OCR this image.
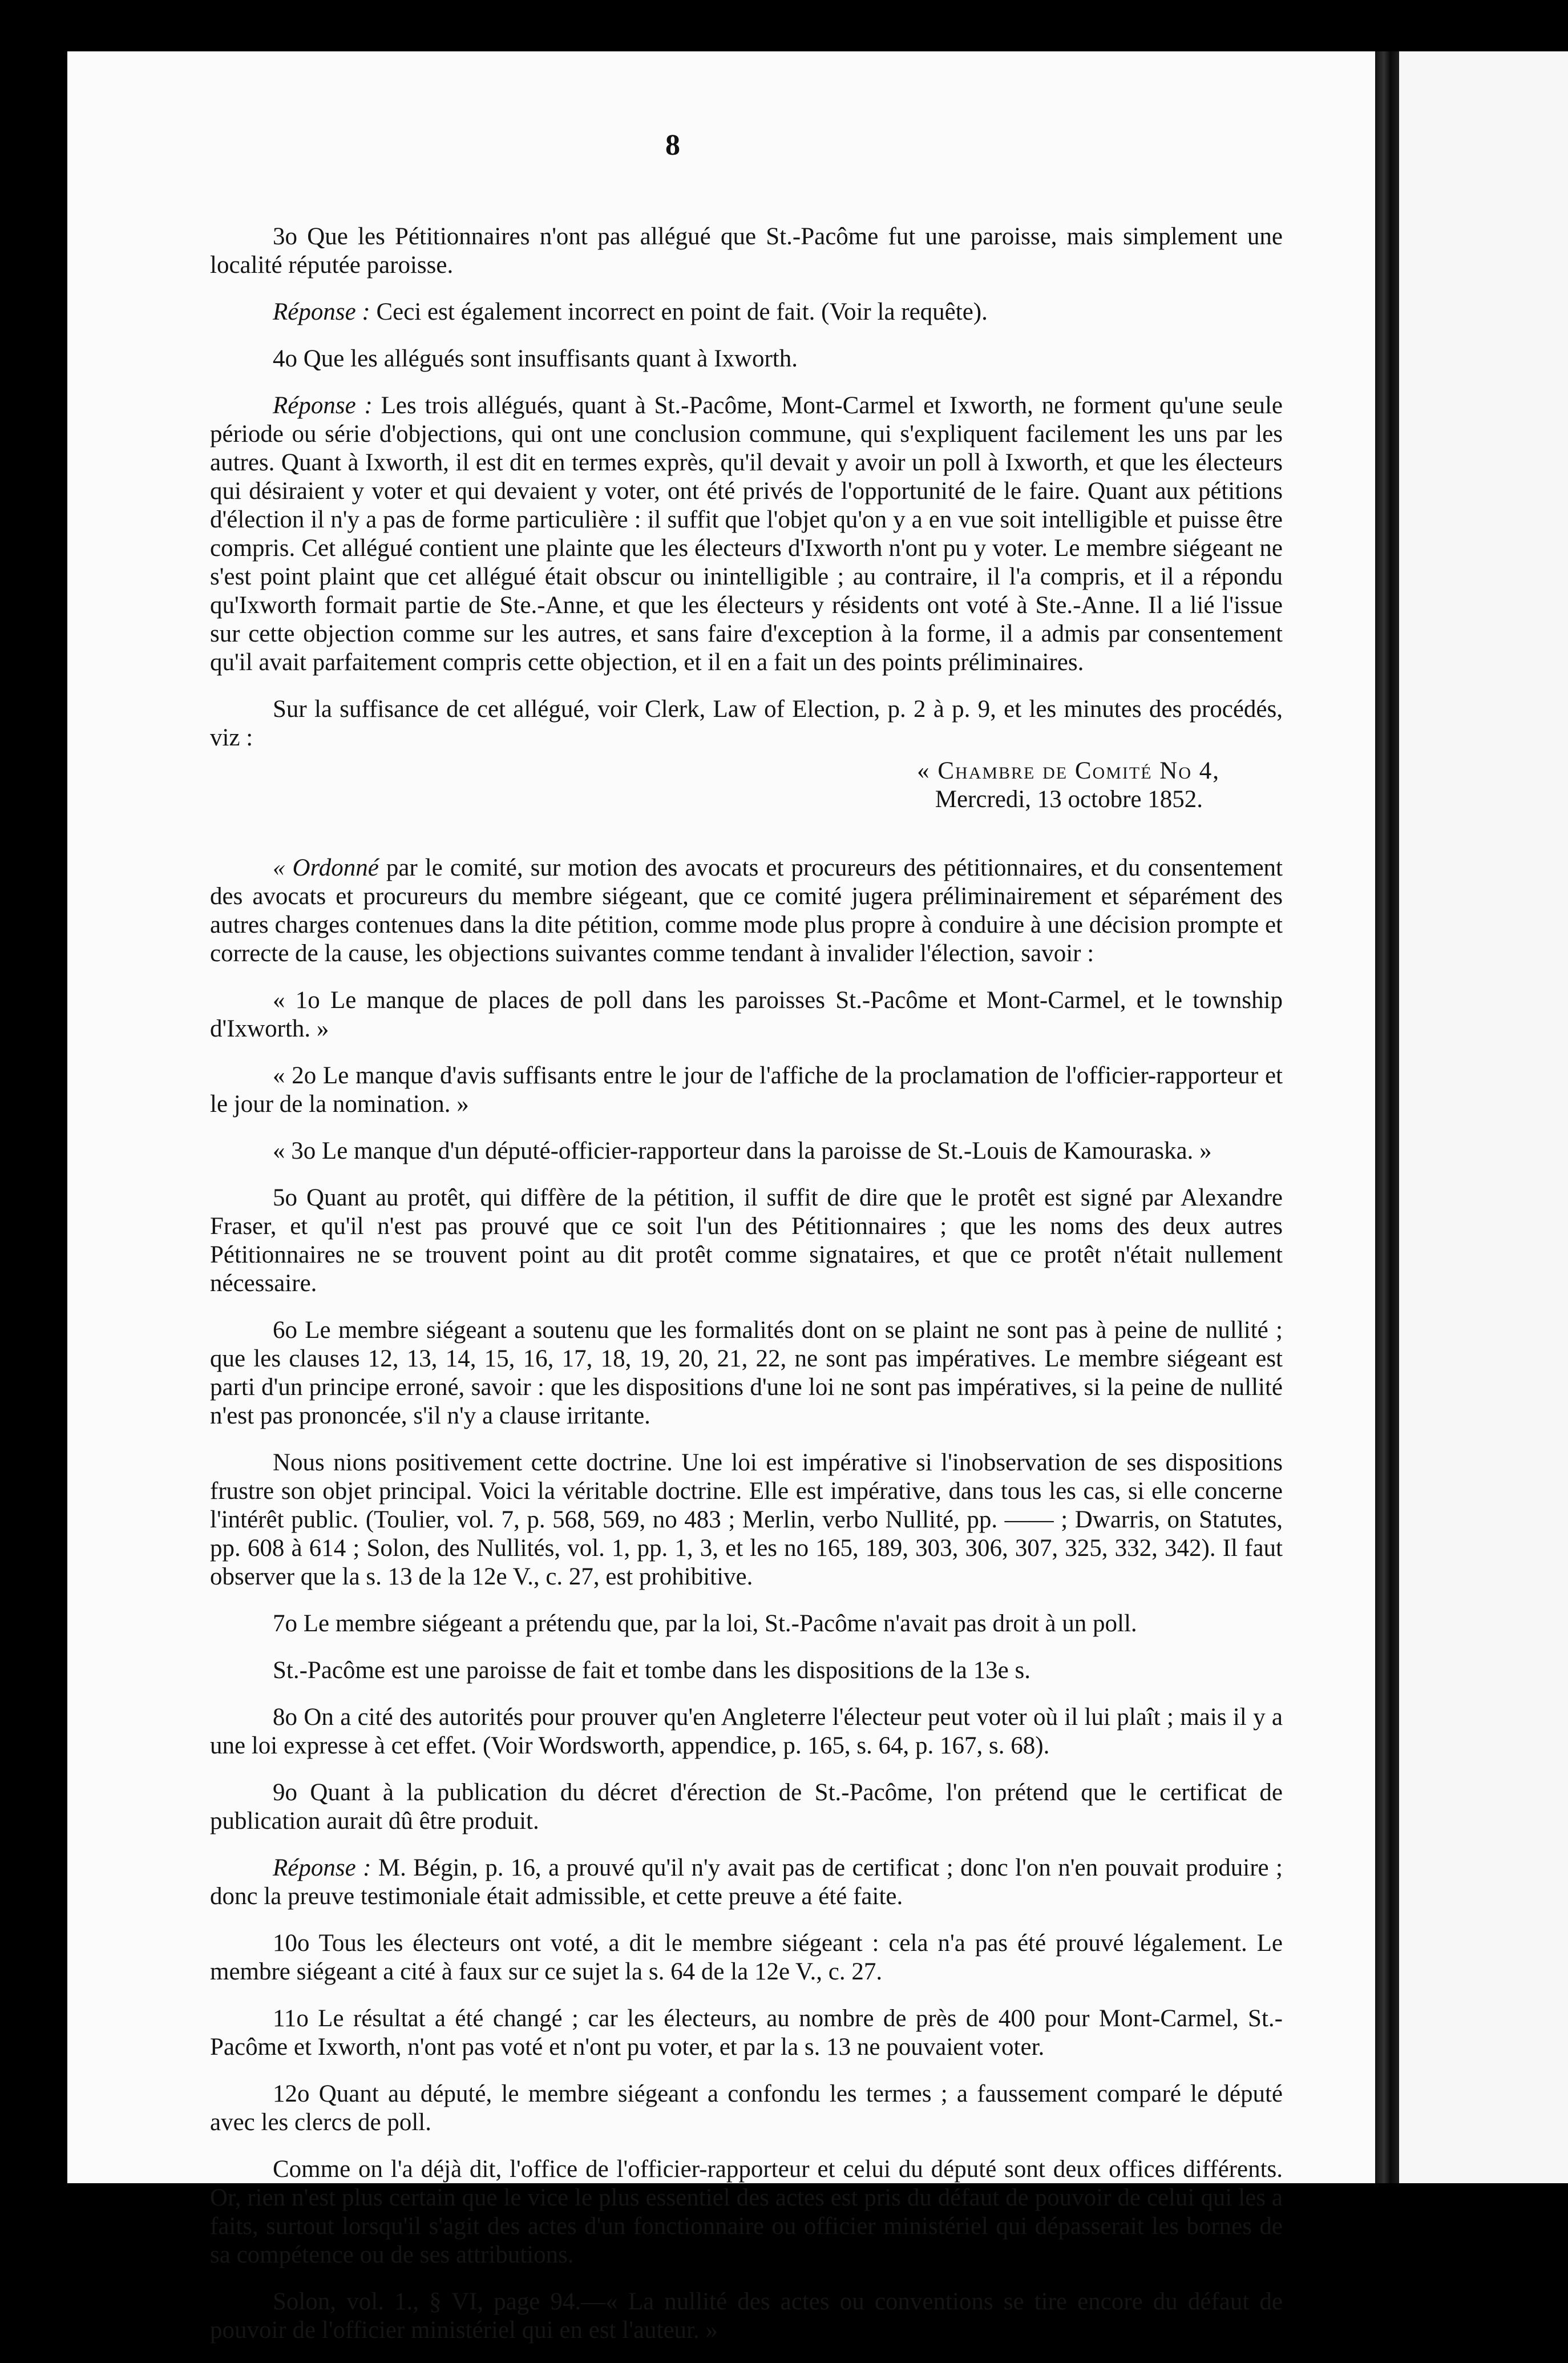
8

3o Que les Pétitionnaires n'ont pas allégué que St.-Pacôme fut une paroisse, mais simplement une localité réputée paroisse.

Réponse : Ceci est également incorrect en point de fait. (Voir la requête).

4o Que les allégués sont insuffisants quant à Ixworth.

Réponse : Les trois allégués, quant à St.-Pacôme, Mont-Carmel et Ixworth, ne forment qu'une seule période ou série d'objections, qui ont une conclusion commune, qui s'expliquent facilement les uns par les autres. Quant à Ixworth, il est dit en termes exprès, qu'il devait y avoir un poll à Ixworth, et que les électeurs qui désiraient y voter et qui devaient y voter, ont été privés de l'opportunité de le faire. Quant aux pétitions d'élection il n'y a pas de forme particulière : il suffit que l'objet qu'on y a en vue soit intelligible et puisse être compris. Cet allégué contient une plainte que les électeurs d'Ixworth n'ont pu y voter. Le membre siégeant ne s'est point plaint que cet allégué était obscur ou inintelligible ; au contraire, il l'a compris, et il a répondu qu'Ixworth formait partie de Ste.-Anne, et que les électeurs y résidents ont voté à Ste.-Anne. Il a lié l'issue sur cette objection comme sur les autres, et sans faire d'exception à la forme, il a admis par consentement qu'il avait parfaitement compris cette objection, et il en a fait un des points préliminaires.

Sur la suffisance de cet allégué, voir Clerk, Law of Election, p. 2 à p. 9, et les minutes des procédés, viz :

« Chambre de Comité No 4,

Mercredi, 13 octobre 1852.

« Ordonné par le comité, sur motion des avocats et procureurs des pétitionnaires, et du consentement des avocats et procureurs du membre siégeant, que ce comité jugera préliminairement et séparément des autres charges contenues dans la dite pétition, comme mode plus propre à conduire à une décision prompte et correcte de la cause, les objections suivantes comme tendant à invalider l'élection, savoir :

« 1o Le manque de places de poll dans les paroisses St.-Pacôme et Mont-Carmel, et le township d'Ixworth. »

« 2o Le manque d'avis suffisants entre le jour de l'affiche de la proclamation de l'officier-rapporteur et le jour de la nomination. »

« 3o Le manque d'un député-officier-rapporteur dans la paroisse de St.-Louis de Kamouraska. »

5o Quant au protêt, qui diffère de la pétition, il suffit de dire que le protêt est signé par Alexandre Fraser, et qu'il n'est pas prouvé que ce soit l'un des Pétitionnaires ; que les noms des deux autres Pétitionnaires ne se trouvent point au dit protêt comme signataires, et que ce protêt n'était nullement nécessaire.

6o Le membre siégeant a soutenu que les formalités dont on se plaint ne sont pas à peine de nullité ; que les clauses 12, 13, 14, 15, 16, 17, 18, 19, 20, 21, 22, ne sont pas impératives. Le membre siégeant est parti d'un principe erroné, savoir : que les dispositions d'une loi ne sont pas impératives, si la peine de nullité n'est pas prononcée, s'il n'y a clause irritante.

Nous nions positivement cette doctrine. Une loi est impérative si l'inobservation de ses dispositions frustre son objet principal. Voici la véritable doctrine. Elle est impérative, dans tous les cas, si elle concerne l'intérêt public. (Toulier, vol. 7, p. 568, 569, no 483 ; Merlin, verbo Nullité, pp. —— ; Dwarris, on Statutes, pp. 608 à 614 ; Solon, des Nullités, vol. 1, pp. 1, 3, et les no 165, 189, 303, 306, 307, 325, 332, 342). Il faut observer que la s. 13 de la 12e V., c. 27, est prohibitive.

7o Le membre siégeant a prétendu que, par la loi, St.-Pacôme n'avait pas droit à un poll.

St.-Pacôme est une paroisse de fait et tombe dans les dispositions de la 13e s.

8o On a cité des autorités pour prouver qu'en Angleterre l'électeur peut voter où il lui plaît ; mais il y a une loi expresse à cet effet. (Voir Wordsworth, appendice, p. 165, s. 64, p. 167, s. 68).

9o Quant à la publication du décret d'érection de St.-Pacôme, l'on prétend que le certificat de publication aurait dû être produit.

Réponse : M. Bégin, p. 16, a prouvé qu'il n'y avait pas de certificat ; donc l'on n'en pouvait produire ; donc la preuve testimoniale était admissible, et cette preuve a été faite.

10o Tous les électeurs ont voté, a dit le membre siégeant : cela n'a pas été prouvé légalement. Le membre siégeant a cité à faux sur ce sujet la s. 64 de la 12e V., c. 27.

11o Le résultat a été changé ; car les électeurs, au nombre de près de 400 pour Mont-Carmel, St.-Pacôme et Ixworth, n'ont pas voté et n'ont pu voter, et par la s. 13 ne pouvaient voter.

12o Quant au député, le membre siégeant a confondu les termes ; a faussement comparé le député avec les clercs de poll.

Comme on l'a déjà dit, l'office de l'officier-rapporteur et celui du député sont deux offices différents. Or, rien n'est plus certain que le vice le plus essentiel des actes est pris du défaut de pouvoir de celui qui les a faits, surtout lorsqu'il s'agit des actes d'un fonctionnaire ou officier ministériel qui dépasserait les bornes de sa compétence ou de ses attributions.

Solon, vol. 1., § VI, page 94.—« La nullité des actes ou conventions se tire encore du défaut de pouvoir de l'officier ministériel qui en est l'auteur. »
